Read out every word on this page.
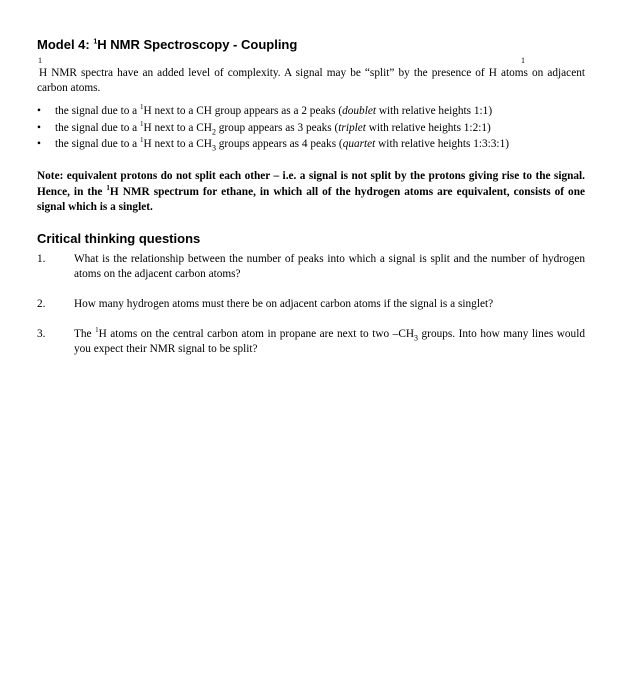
Model 4: $^1$H NMR Spectroscopy - Coupling
1	1

H NMR spectra have an added level of complexity. A signal may be “split” by the presence of H atoms on adjacent carbon atoms.

• the signal due to a $^1$H next to a CH group appears as a 2 peaks (doublet with relative heights 1:1)
• the signal due to a $^1$H next to a $CH_2$ group appears as 3 peaks (triplet with relative heights 1:2:1)
• the signal due to a $^1$H next to a $CH_3$ groups appears as 4 peaks (quartet with relative heights 1:3:3:1)

Note: equivalent protons do not split each other – i.e. a signal is not split by the protons giving rise to the signal. Hence, in the $^1$H NMR spectrum for ethane, in which all of the hydrogen atoms are equivalent, consists of one signal which is a singlet.

Critical thinking questions
1.	What is the relationship between the number of peaks into which a signal is split and the number of hydrogen atoms on the adjacent carbon atoms?
2.	How many hydrogen atoms must there be on adjacent carbon atoms if the signal is a singlet?
3.	The $^1$H atoms on the central carbon atom in propane are next to two $-CH_3$ groups. Into how many lines would you expect their NMR signal to be split?
